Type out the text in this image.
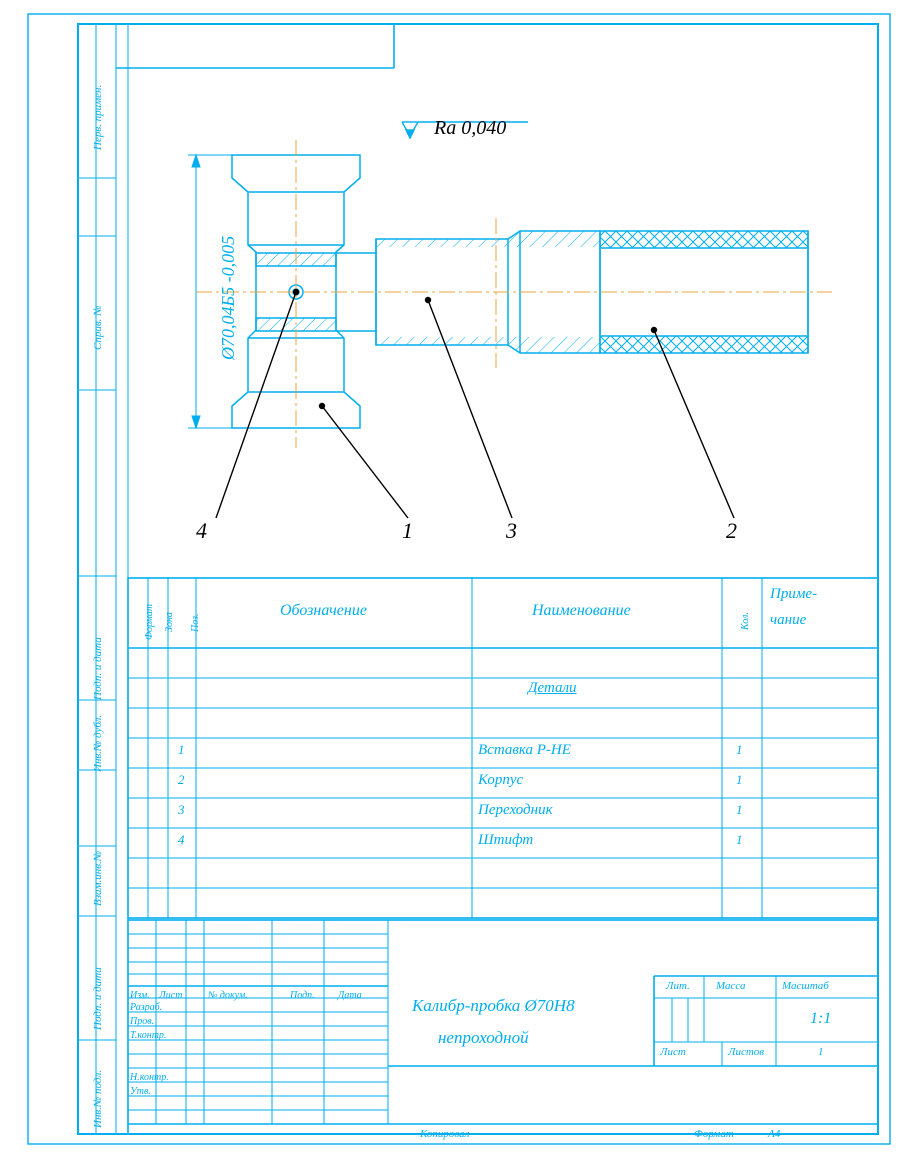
Перв. примен.
Справ. №
Подп. и дата
Инв.№ дубл.
Взам.инв.№
Подп. и дата
Инв.№ подл.
Ra 0,040
Ø70,04Б5 -0,005
4	1	3	2
Формат Зона Поз.
Обозначение	Наименование
Кол.
Приме-
чание
Детали
1	Вставка Р-НЕ	1
2	Корпус	1
3	Переходник	1
4	Штифт	1
Изм. Лист	№ докум.	Подп. Дата
Разраб.
Пров.
Т.контр.
Н.контр.
Утв.
Калибр-пробка Ø70Н8
непроходной
Лит. Масса	Масштаб
1:1
Лист	Листов	1
Копировал	Формат	А4
